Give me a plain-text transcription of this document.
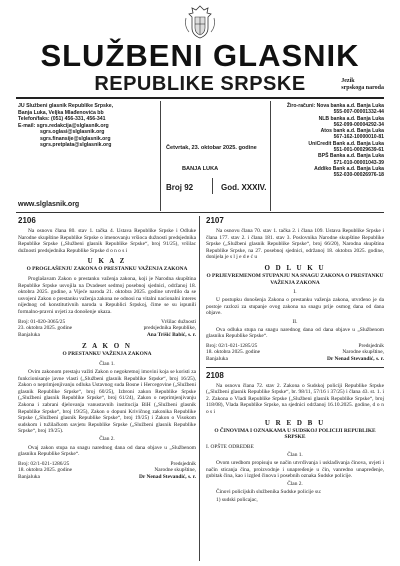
SLUŽBENI GLASNIK
REPUBLIKE SRPSKE	Jezik
srpskoga naroda
JU Službeni glasnik Republike Srpske,
Banja Luka, Veljka Mlađenovića bb
Telefon/faks: (051) 456-331, 456-341
E-mail: sgrs.redakcija@slglasnik.org
sgrs.oglasi@slglasnik.org
sgrs.finansije@slglasnik.org
sgrs.pretplata@slglasnik.org
www.slglasnik.org
Četvrtak, 23. oktobar 2025. godine
BANJA LUKA
Broj 92	God. XXXIV.
Žiro-računi: Nova banka a.d. Banja Luka
555-007-00001332-44
NLB banka a.d. Banja Luka
562-099-00004292-34
Atos bank a.d. Banja Luka
567-162-10000010-81
UniCredit Bank a.d. Banja Luka
551-001-00029639-61
BPŠ Banka a.d. Banja Luka
571-010-00001043-39
Addiko Bank a.d. Banja Luka
552-030-00026976-18
2106

Na osnovu člana 80. stav 1. tačka 4. Ustava Republike Srpske i Odluke Narodne skupštine Republike Srpske o imenovanju vršioca dužnosti predsjednika Republike Srpske („Službeni glasnik Republike Srpske“, broj 91/25), vršilac dužnosti predsjednika Republike Srpske d o n o s i

U K A Z
O PROGLAŠENJU ZAKONA O PRESTANKU VAŽENJA ZAKONA

Proglašavam Zakon o prestanku važenja zakona, koji je Narodna skupština Republike Srpske usvojila na Dvadeset sedmoj posebnoj sjednici, održanoj 18. oktobra 2025. godine, a Vijeće naroda 21. oktobra 2025. godine utvrdilo da se usvojeni Zakon o prestanku važenja zakona ne odnosi na vitalni nacionalni interes nijednog od konstitutivnih naroda u Republici Srpskoj, čime se su ispunili formalno-pravni uvjeti za donošenje ukaza.

Broj: 01-020-3065/25
23. oktobra 2025. godine
Banjaluka
Vršilac dužnosti
predsjednika Republike,
Ana Trišić Babić, s. r.
Z A K O N
O PRESTANKU VAŽENJA ZAKONA

Član 1.

Ovim zakonom prestaju važiti Zakon o negokretnoj imovini koja se koristi za funkcionisanje javne vlasti („Službeni glasnik Republike Srpske“, broj 16/25), Zakon o neprimjenjivanju odluka Ustavnog suda Bosne i Hercegovine („Službeni glasnik Republike Srpske“, broj 60/25), Izbroni zakon Republike Srpske („Službeni glasnik Republike Srpske“, broj 61/24), Zakon o neprimjenjivanju Zakona i zabrani djelovanja vanustavnih institucija BiH („Službeni glasnik Republike Srpske“, broj 19/25), Zakon o dopuni Krivičnog zakonika Republike Srpske („Službeni glasnik Republike Srpske“, broj 19/25) i Zakon o Visokom sudskom i tužilačkom savjetu Republike Srpske („Službeni glasnik Republike Srpske“, broj 19/25).

Član 2.

Ovaj zakon stupa na snagu narednog dana od dana objave u „Službenom glasniku Republike Srpske“.

Broj: 02/1-021-1286/25
18. oktobra 2025. godine
Banjaluka
Predsjednik
Narodne skupštine,
Dr Nenad Stevandić, s. r.
2107

Na osnovu člana 70. stav 1. tačka 2. i člana 109. Ustava Republike Srpske i člana 177. stav 2. i člana 181. stav 3. Poslovnika Narodne skupštine Republike Srpske („Službeni glasnik Republike Srpske“, broj 66/20), Narodna skupština Republike Srpske, na 27. posebnoj sjednici, održanoj 18. oktobra 2025. godine, donijela je s l j e d e ć u

O D L U K U
O PRIJEVREMENOM STUPANJU NA SNAGU ZAKONA O PRESTANKU VAŽENJA ZAKONA

I.

U postupku donošenja Zakona o prestanku važenja zakona, utvrđeno je da postoje razlozi za stupanje ovog zakona na snagu prije osmog dana od dana objave.

II.

Ova odluka stupa na snagu narednog dana od dana objave u „Službenom glasniku Republike Srpske“.

Broj: 02/1-021-1285/25
18. oktobra 2025. godine
Banjaluka
Predsjednik
Narodne skupštine,
Dr Nenad Stevandić, s. r.
2108

Na osnovu člana 72. stav 2. Zakona o Sudskoj policiji Republike Srpske („Službeni glasnik Republike Srpske“, br. 98/11, 57/16 i 37/25) i člana 43. st. 1. i 2. Zakona o Vladi Republike Srpske („Službeni glasnik Republike Srpske“, broj 118/08), Vlada Republike Srpske, na sjednici održanoj 16.10.2025. godine, d o n o s i

U R E D B U
O ČINOVIMA I OZNAKAMA U SUDSKOJ POLICIJI REPUBLIKE SRPSKE

I. OPŠTE ODREDBE

Član 1.

Ovom uredbom propisuju se način utvrđivanja i usklađivanja činova, uvjeti i način sticanja čina, proizvodnje i unapređenje u čin, vanredno unapređenje, gubitak čina, kao i izgled činova i posebnih oznaka Sudske policije.

Član 2.

Činovi policijskih službenika Sudske policije su:

1) sudski policajac,
